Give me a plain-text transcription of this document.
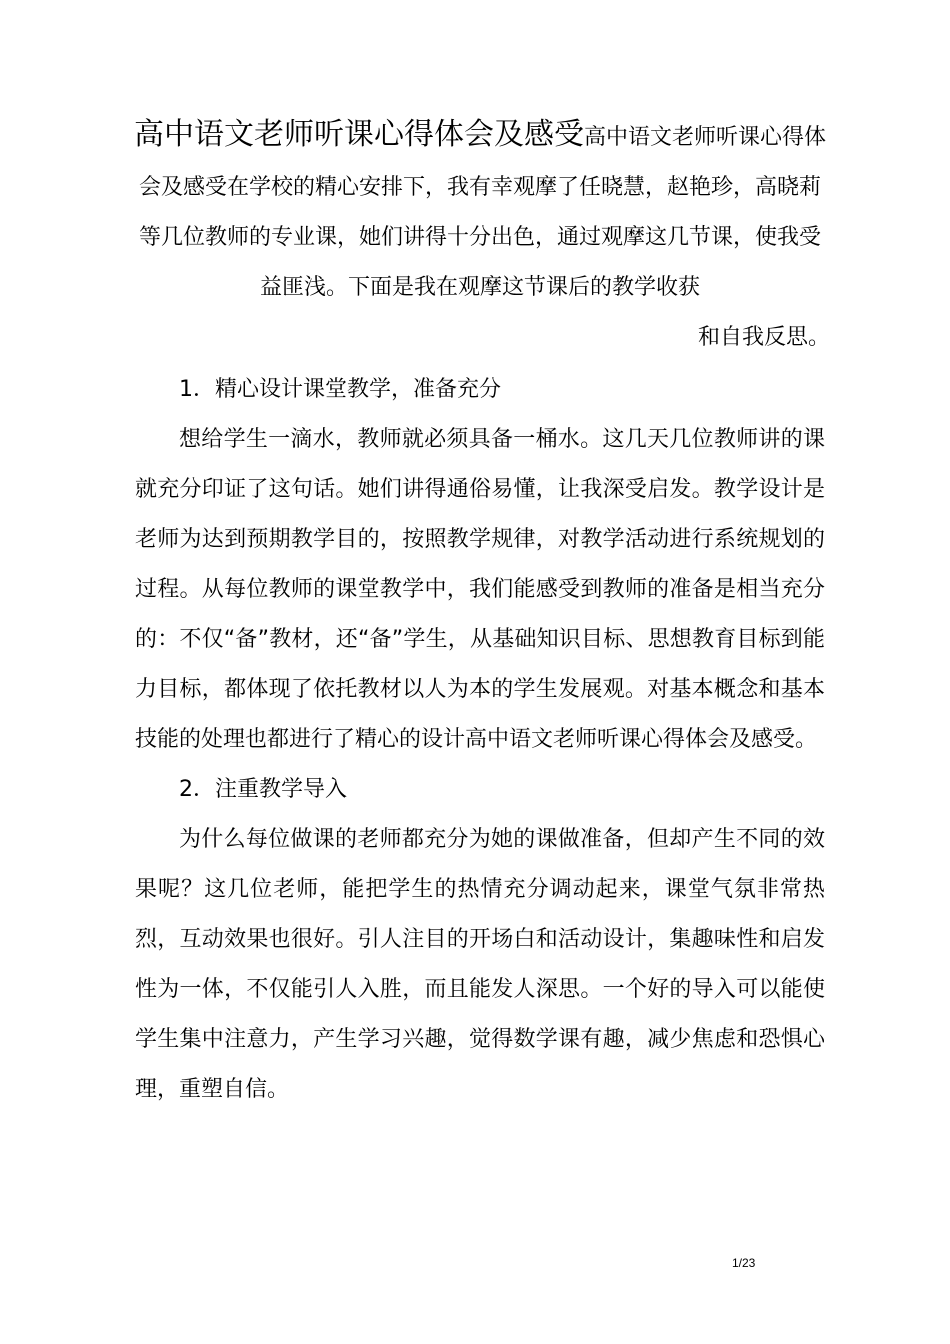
高中语文老师听课心得体会及感受高中语文老师听课心得体会及感受在学校的精心安排下，我有幸观摩了任晓慧，赵艳珍，高晓莉等几位教师的专业课，她们讲得十分出色，通过观摩这几节课，使我受益匪浅。下面是我在观摩这节课后的教学收获
和自我反思。

1．精心设计课堂教学，准备充分

想给学生一滴水，教师就必须具备一桶水。这几天几位教师讲的课就充分印证了这句话。她们讲得通俗易懂，让我深受启发。教学设计是老师为达到预期教学目的，按照教学规律，对教学活动进行系统规划的过程。从每位教师的课堂教学中，我们能感受到教师的准备是相当充分的：不仅“备”教材，还“备”学生，从基础知识目标、思想教育目标到能力目标，都体现了依托教材以人为本的学生发展观。对基本概念和基本技能的处理也都进行了精心的设计高中语文老师听课心得体会及感受。

2．注重教学导入

为什么每位做课的老师都充分为她的课做准备，但却产生不同的效果呢？这几位老师，能把学生的热情充分调动起来，课堂气氛非常热烈，互动效果也很好。引人注目的开场白和活动设计，集趣味性和启发性为一体，不仅能引人入胜，而且能发人深思。一个好的导入可以能使学生集中注意力，产生学习兴趣，觉得数学课有趣，减少焦虑和恐惧心理，重塑自信。

1/23
